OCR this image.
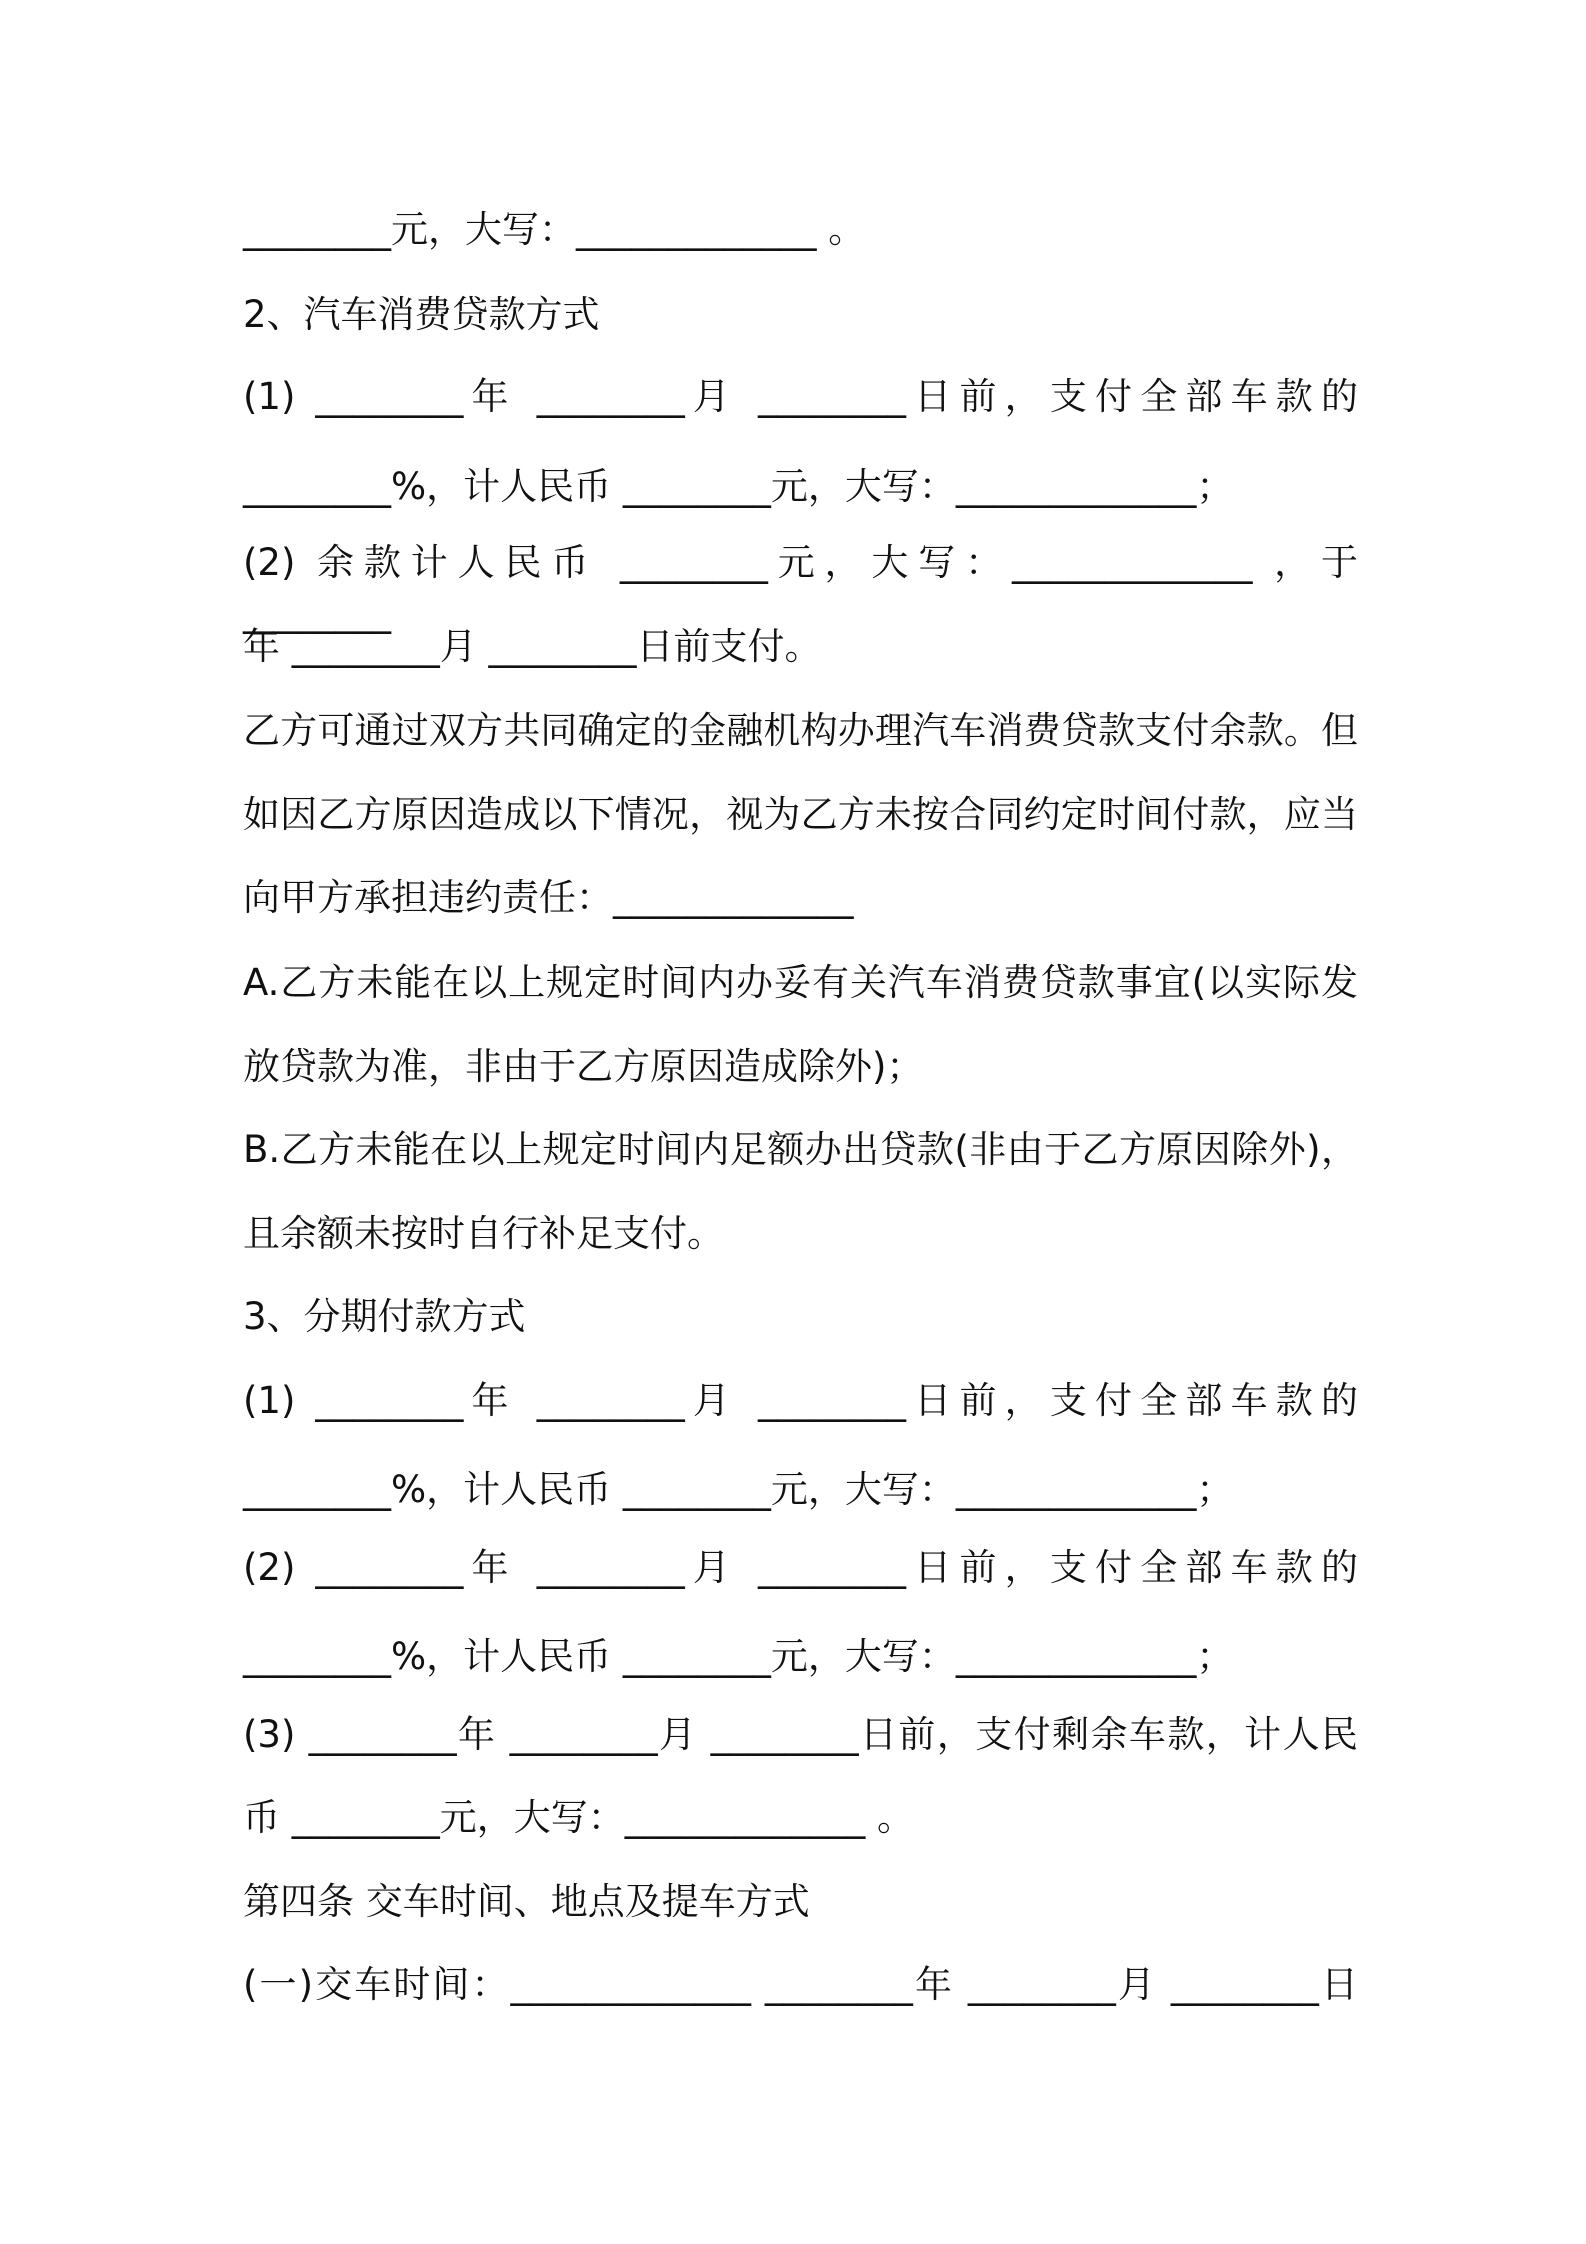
________元，大写：_____________ 。

2、汽车消费贷款方式

(1) ________年 ________月 ________日前，支付全部车款的

________%，计人民币 ________元，大写：_____________；

(2) 余款计人民币 ________元，大写：_____________ ，于 ________

年 ________月 ________日前支付。

乙方可通过双方共同确定的金融机构办理汽车消费贷款支付余款。但

如因乙方原因造成以下情况，视为乙方未按合同约定时间付款，应当

向甲方承担违约责任：_____________

A.乙方未能在以上规定时间内办妥有关汽车消费贷款事宜(以实际发

放贷款为准，非由于乙方原因造成除外)；

B.乙方未能在以上规定时间内足额办出贷款(非由于乙方原因除外)，

且余额未按时自行补足支付。

3、分期付款方式

(1) ________年 ________月 ________日前，支付全部车款的

________%，计人民币 ________元，大写：_____________；

(2) ________年 ________月 ________日前，支付全部车款的

________%，计人民币 ________元，大写：_____________；

(3) ________年 ________月 ________日前，支付剩余车款，计人民

币 ________元，大写：_____________ 。

第四条 交车时间、地点及提车方式

(一)交车时间：_____________ ________年 ________月 ________日
